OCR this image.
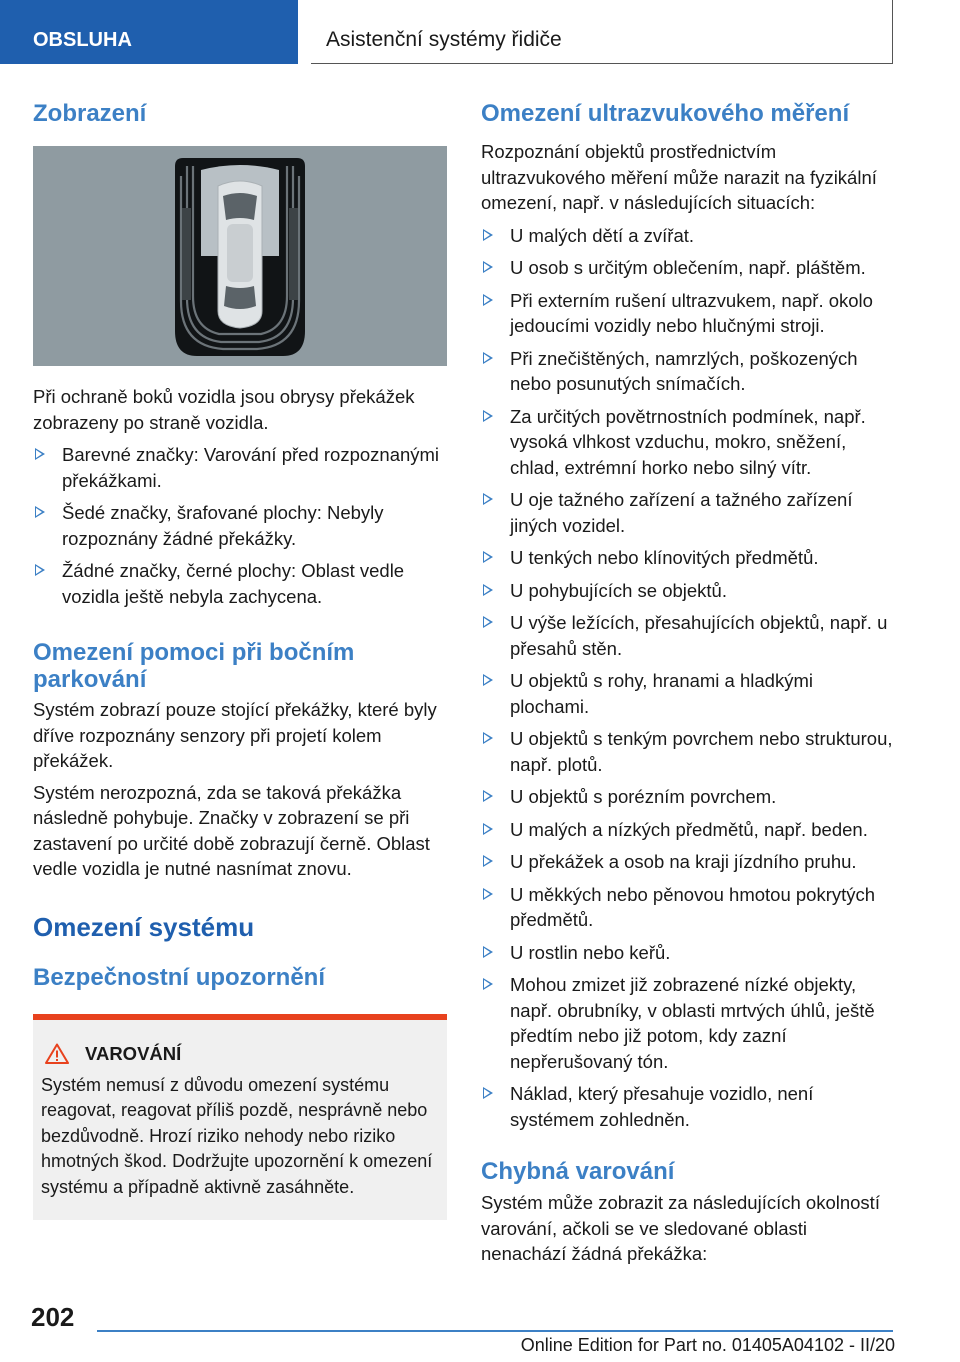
OBSLUHA	Asistenční systémy řidiče
Zobrazení

Při ochraně boků vozidla jsou obrysy překážek zobrazeny po straně vozidla.

Barevné značky: Varování před rozpoznanými překážkami.
Šedé značky, šrafované plochy: Nebyly rozpoznány žádné překážky.
Žádné značky, černé plochy: Oblast vedle vozidla ještě nebyla zachycena.
Omezení pomoci při bočním parkování

Systém zobrazí pouze stojící překážky, které byly dříve rozpoznány senzory při projetí kolem překážek.

Systém nerozpozná, zda se taková překážka následně pohybuje. Značky v zobrazení se při zastavení po určité době zobrazují černě. Oblast vedle vozidla je nutné nasnímat znovu.

Omezení systému
Bezpečnostní upozornění
VAROVÁNÍ

Systém nemusí z důvodu omezení systému reagovat, reagovat příliš pozdě, nesprávně nebo bezdůvodně. Hrozí riziko nehody nebo riziko hmotných škod. Dodržujte upozornění k omezení systému a případně aktivně zasáhněte.

Omezení ultrazvukového měření

Rozpoznání objektů prostřednictvím ultrazvukového měření může narazit na fyzikální omezení, např. v následujících situacích:

U malých dětí a zvířat.
U osob s určitým oblečením, např. pláštěm.
Při externím rušení ultrazvukem, např. okolo jedoucími vozidly nebo hlučnými stroji.
Při znečištěných, namrzlých, poškozených nebo posunutých snímačích.
Za určitých povětrnostních podmínek, např. vysoká vlhkost vzduchu, mokro, sněžení, chlad, extrémní horko nebo silný vítr.
U oje tažného zařízení a tažného zařízení jiných vozidel.
U tenkých nebo klínovitých předmětů.
U pohybujících se objektů.
U výše ležících, přesahujících objektů, např. u přesahů stěn.
U objektů s rohy, hranami a hladkými plochami.
U objektů s tenkým povrchem nebo strukturou, např. plotů.
U objektů s porézním povrchem.
U malých a nízkých předmětů, např. beden.
U překážek a osob na kraji jízdního pruhu.
U měkkých nebo pěnovou hmotou pokrytých předmětů.
U rostlin nebo keřů.
Mohou zmizet již zobrazené nízké objekty, např. obrubníky, v oblasti mrtvých úhlů, ještě předtím nebo již potom, kdy zazní nepřerušovaný tón.
Náklad, který přesahuje vozidlo, není systémem zohledněn.
Chybná varování

Systém může zobrazit za následujících okolností varování, ačkoli se ve sledované oblasti nenachází žádná překážka:

202
Online Edition for Part no. 01405A04102 - II/20
